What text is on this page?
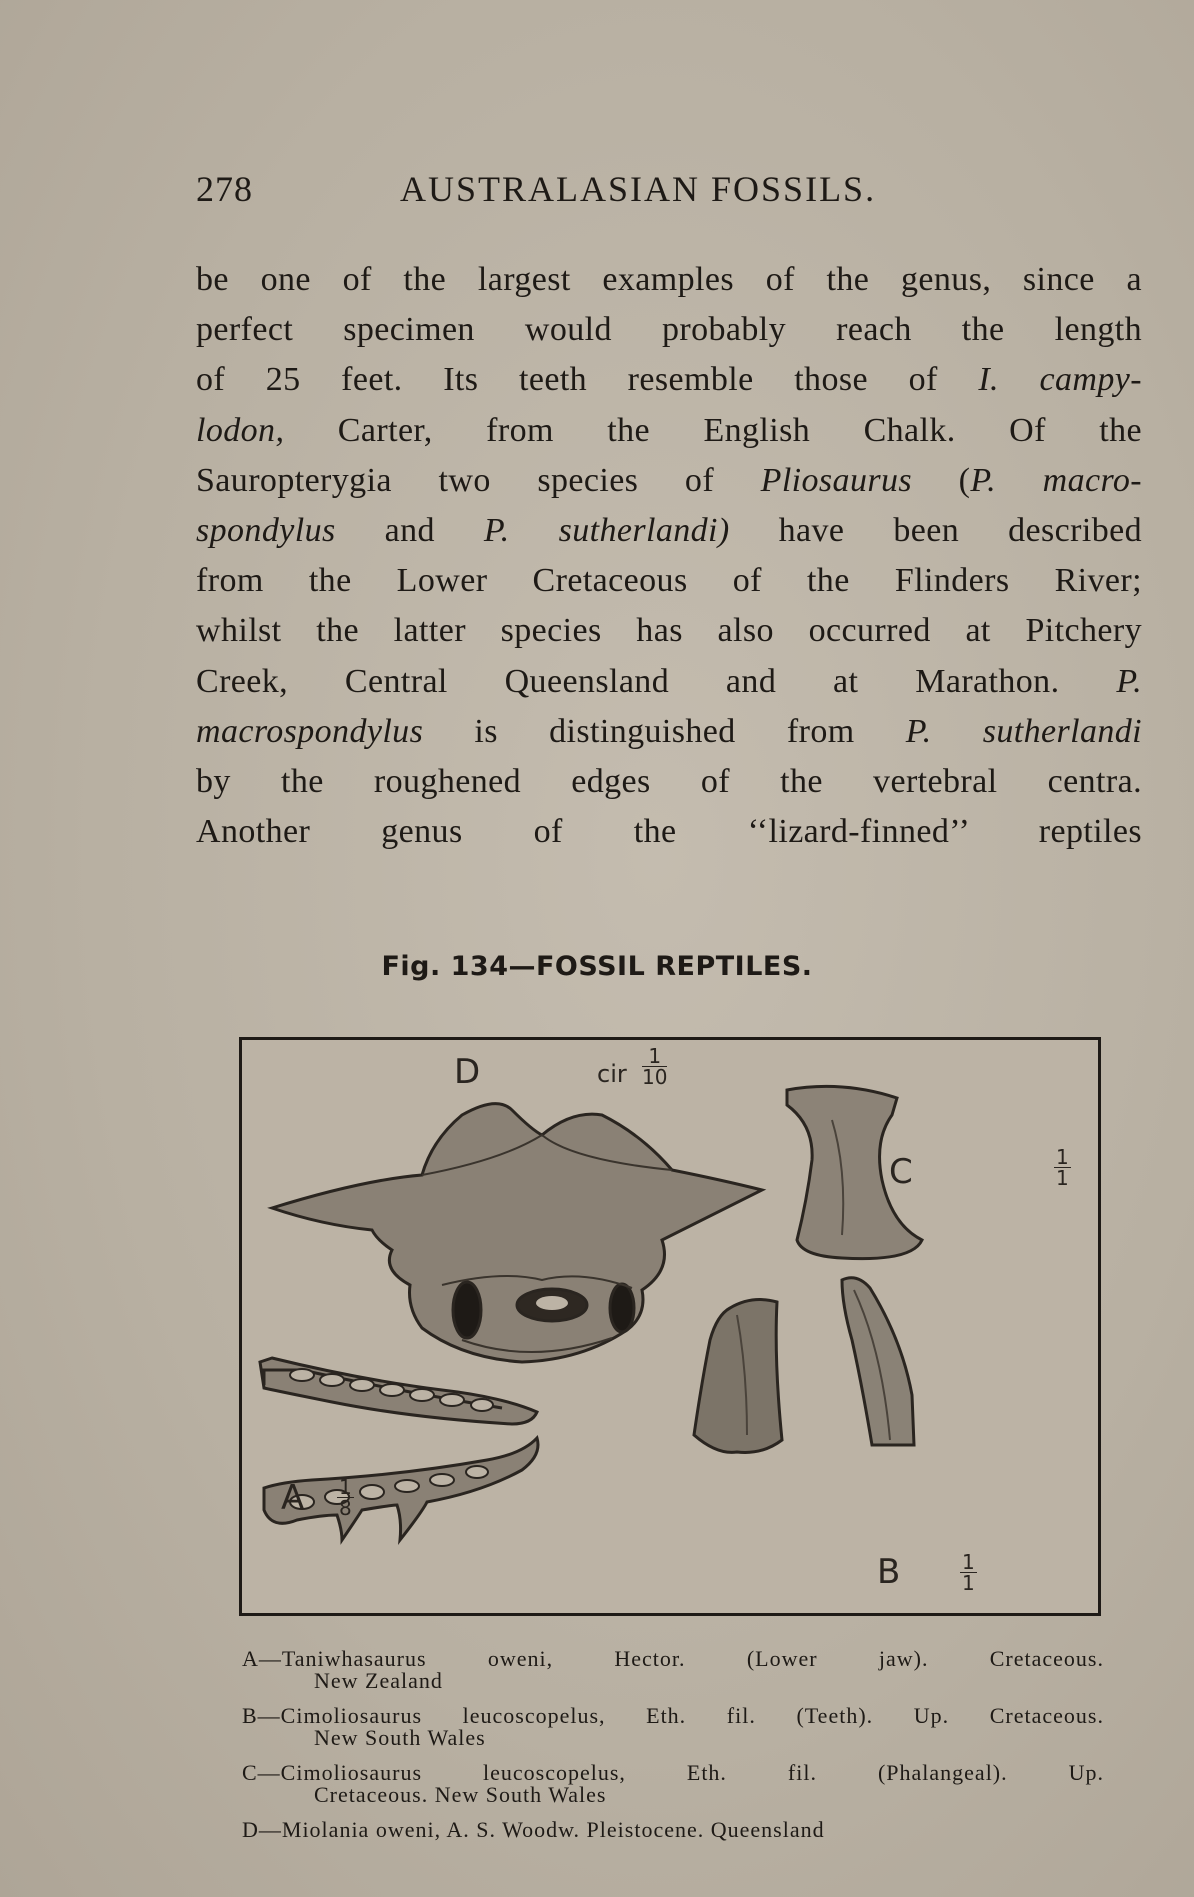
278	AUSTRALASIAN FOSSILS.
be one of the largest examples of the genus, since a
perfect specimen would probably reach the length
of 25 feet. Its teeth resemble those of I. campy-
lodon, Carter, from the English Chalk. Of the
Sauropterygia two species of Pliosaurus (P. macro-
spondylus and P. sutherlandi) have been described
from the Lower Cretaceous of the Flinders River;
whilst the latter species has also occurred at Pitchery
Creek, Central Queensland and at Marathon. P.
macrospondylus is distinguished from P. sutherlandi
by the roughened edges of the vertebral centra.
Another genus of the ‘‘lizard-finned’’ reptiles
Fig. 134—FOSSIL REPTILES.
D	cir $\frac{1}{10}$
C	$\frac{1}{1}$
A $\frac{1}{8}$
B	$\frac{1}{1}$
A—Taniwhasaurus oweni, Hector. (Lower jaw). Cretaceous.
New Zealand
B—Cimoliosaurus leucoscopelus, Eth. fil. (Teeth). Up. Cretaceous.
New South Wales
C—Cimoliosaurus leucoscopelus, Eth. fil. (Phalangeal). Up.
Cretaceous. New South Wales
D—Miolania oweni, A. S. Woodw. Pleistocene. Queensland
